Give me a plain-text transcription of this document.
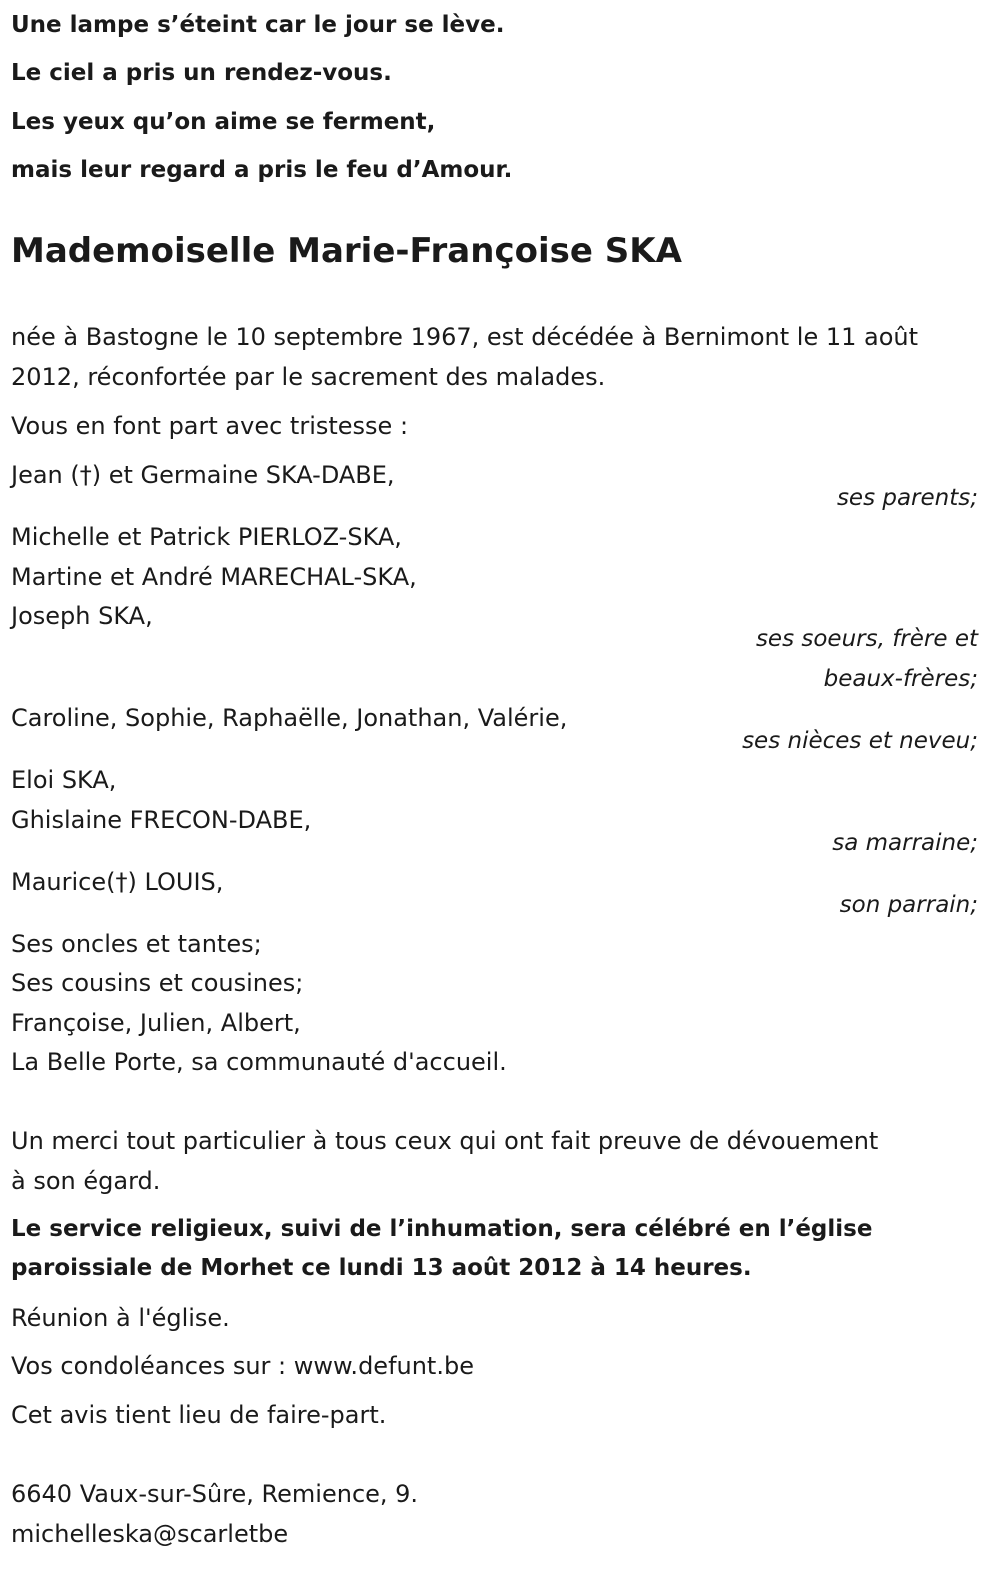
Une lampe s’éteint car le jour se lève.
Le ciel a pris un rendez-vous.
Les yeux qu’on aime se ferment,
mais leur regard a pris le feu d’Amour.
Mademoiselle Marie-Françoise SKA
née à Bastogne le 10 septembre 1967, est décédée à Bernimont le 11 août
2012, réconfortée par le sacrement des malades.
Vous en font part avec tristesse :
Jean (†) et Germaine SKA-DABE,
ses parents;
Michelle et Patrick PIERLOZ-SKA,
Martine et André MARECHAL-SKA,
Joseph SKA,
ses soeurs, frère et
beaux-frères;
Caroline, Sophie, Raphaëlle, Jonathan, Valérie,
ses nièces et neveu;
Eloi SKA,
Ghislaine FRECON-DABE,
sa marraine;
Maurice(†) LOUIS,
son parrain;
Ses oncles et tantes;
Ses cousins et cousines;
Françoise, Julien, Albert,
La Belle Porte, sa communauté d'accueil.
Un merci tout particulier à tous ceux qui ont fait preuve de dévouement
à son égard.
Le service religieux, suivi de l’inhumation, sera célébré en l’église
paroissiale de Morhet ce lundi 13 août 2012 à 14 heures.
Réunion à l'église.
Vos condoléances sur : www.defunt.be
Cet avis tient lieu de faire-part.
6640 Vaux-sur-Sûre, Remience, 9.
michelleska@scarletbe
